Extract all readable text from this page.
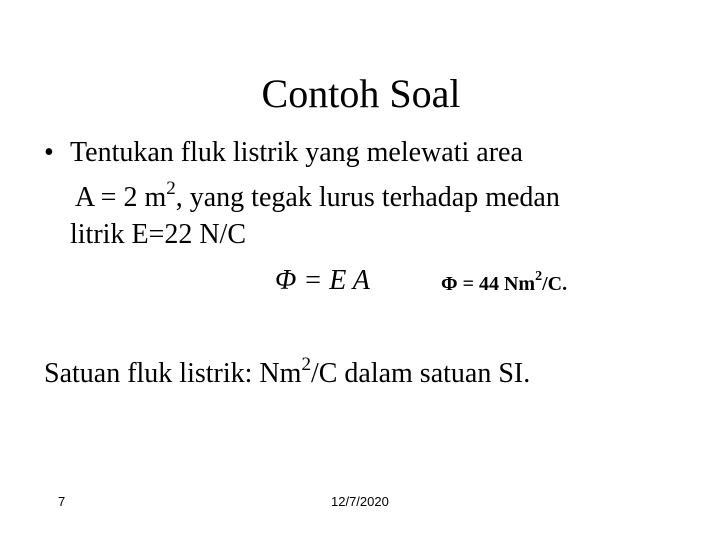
Contoh Soal
• Tentukan fluk listrik yang melewati area
A = 2 $m^2$, yang tegak lurus terhadap medan
litrik E=22 N/C
Φ = E A	Φ = 44 Nm$^2$/C.
Satuan fluk listrik: Nm$^2$/C dalam satuan SI.
7	12/7/2020
